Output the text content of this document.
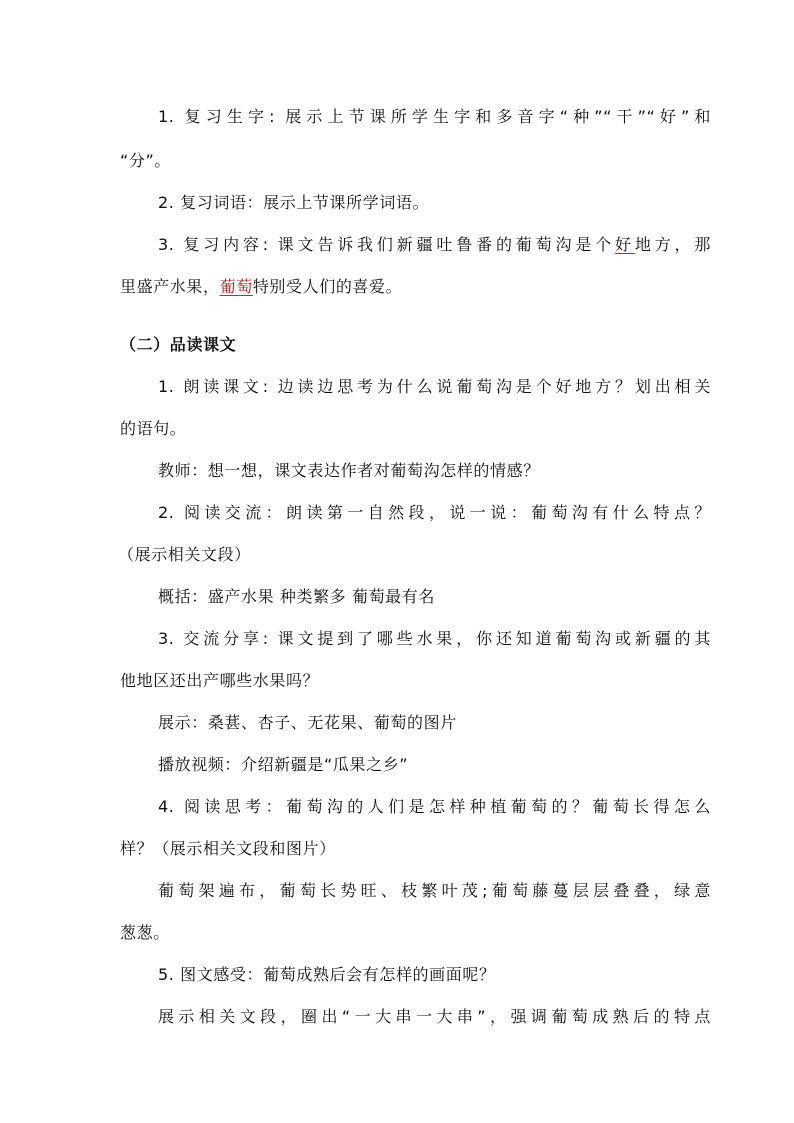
1. 复习生字: 展示上节课所学生字和多音字“种”“干”“好”和
“分”。
2. 复习词语：展示上节课所学词语。
3. 复习内容: 课文告诉我们新疆吐鲁番的葡萄沟是个好地方，那
里盛产水果，葡萄特别受人们的喜爱。
（二）品读课文
1. 朗读课文: 边读边思考为什么说葡萄沟是个好地方？划出相关
的语句。
教师：想一想，课文表达作者对葡萄沟怎样的情感？
2. 阅读交流：朗读第一自然段，说一说：葡萄沟有什么特点？
（展示相关文段）
概括：盛产水果 种类繁多 葡萄最有名
3. 交流分享: 课文提到了哪些水果，你还知道葡萄沟或新疆的其
他地区还出产哪些水果吗？
展示：桑葚、杏子、无花果、葡萄的图片
播放视频：介绍新疆是“瓜果之乡”
4. 阅读思考：葡萄沟的人们是怎样种植葡萄的？葡萄长得怎么
样？（展示相关文段和图片）
葡萄架遍布，葡萄长势旺、枝繁叶茂;葡萄藤蔓层层叠叠，绿意
葱葱。
5. 图文感受：葡萄成熟后会有怎样的画面呢？
展示相关文段，圈出“一大串一大串”，强调葡萄成熟后的特点
